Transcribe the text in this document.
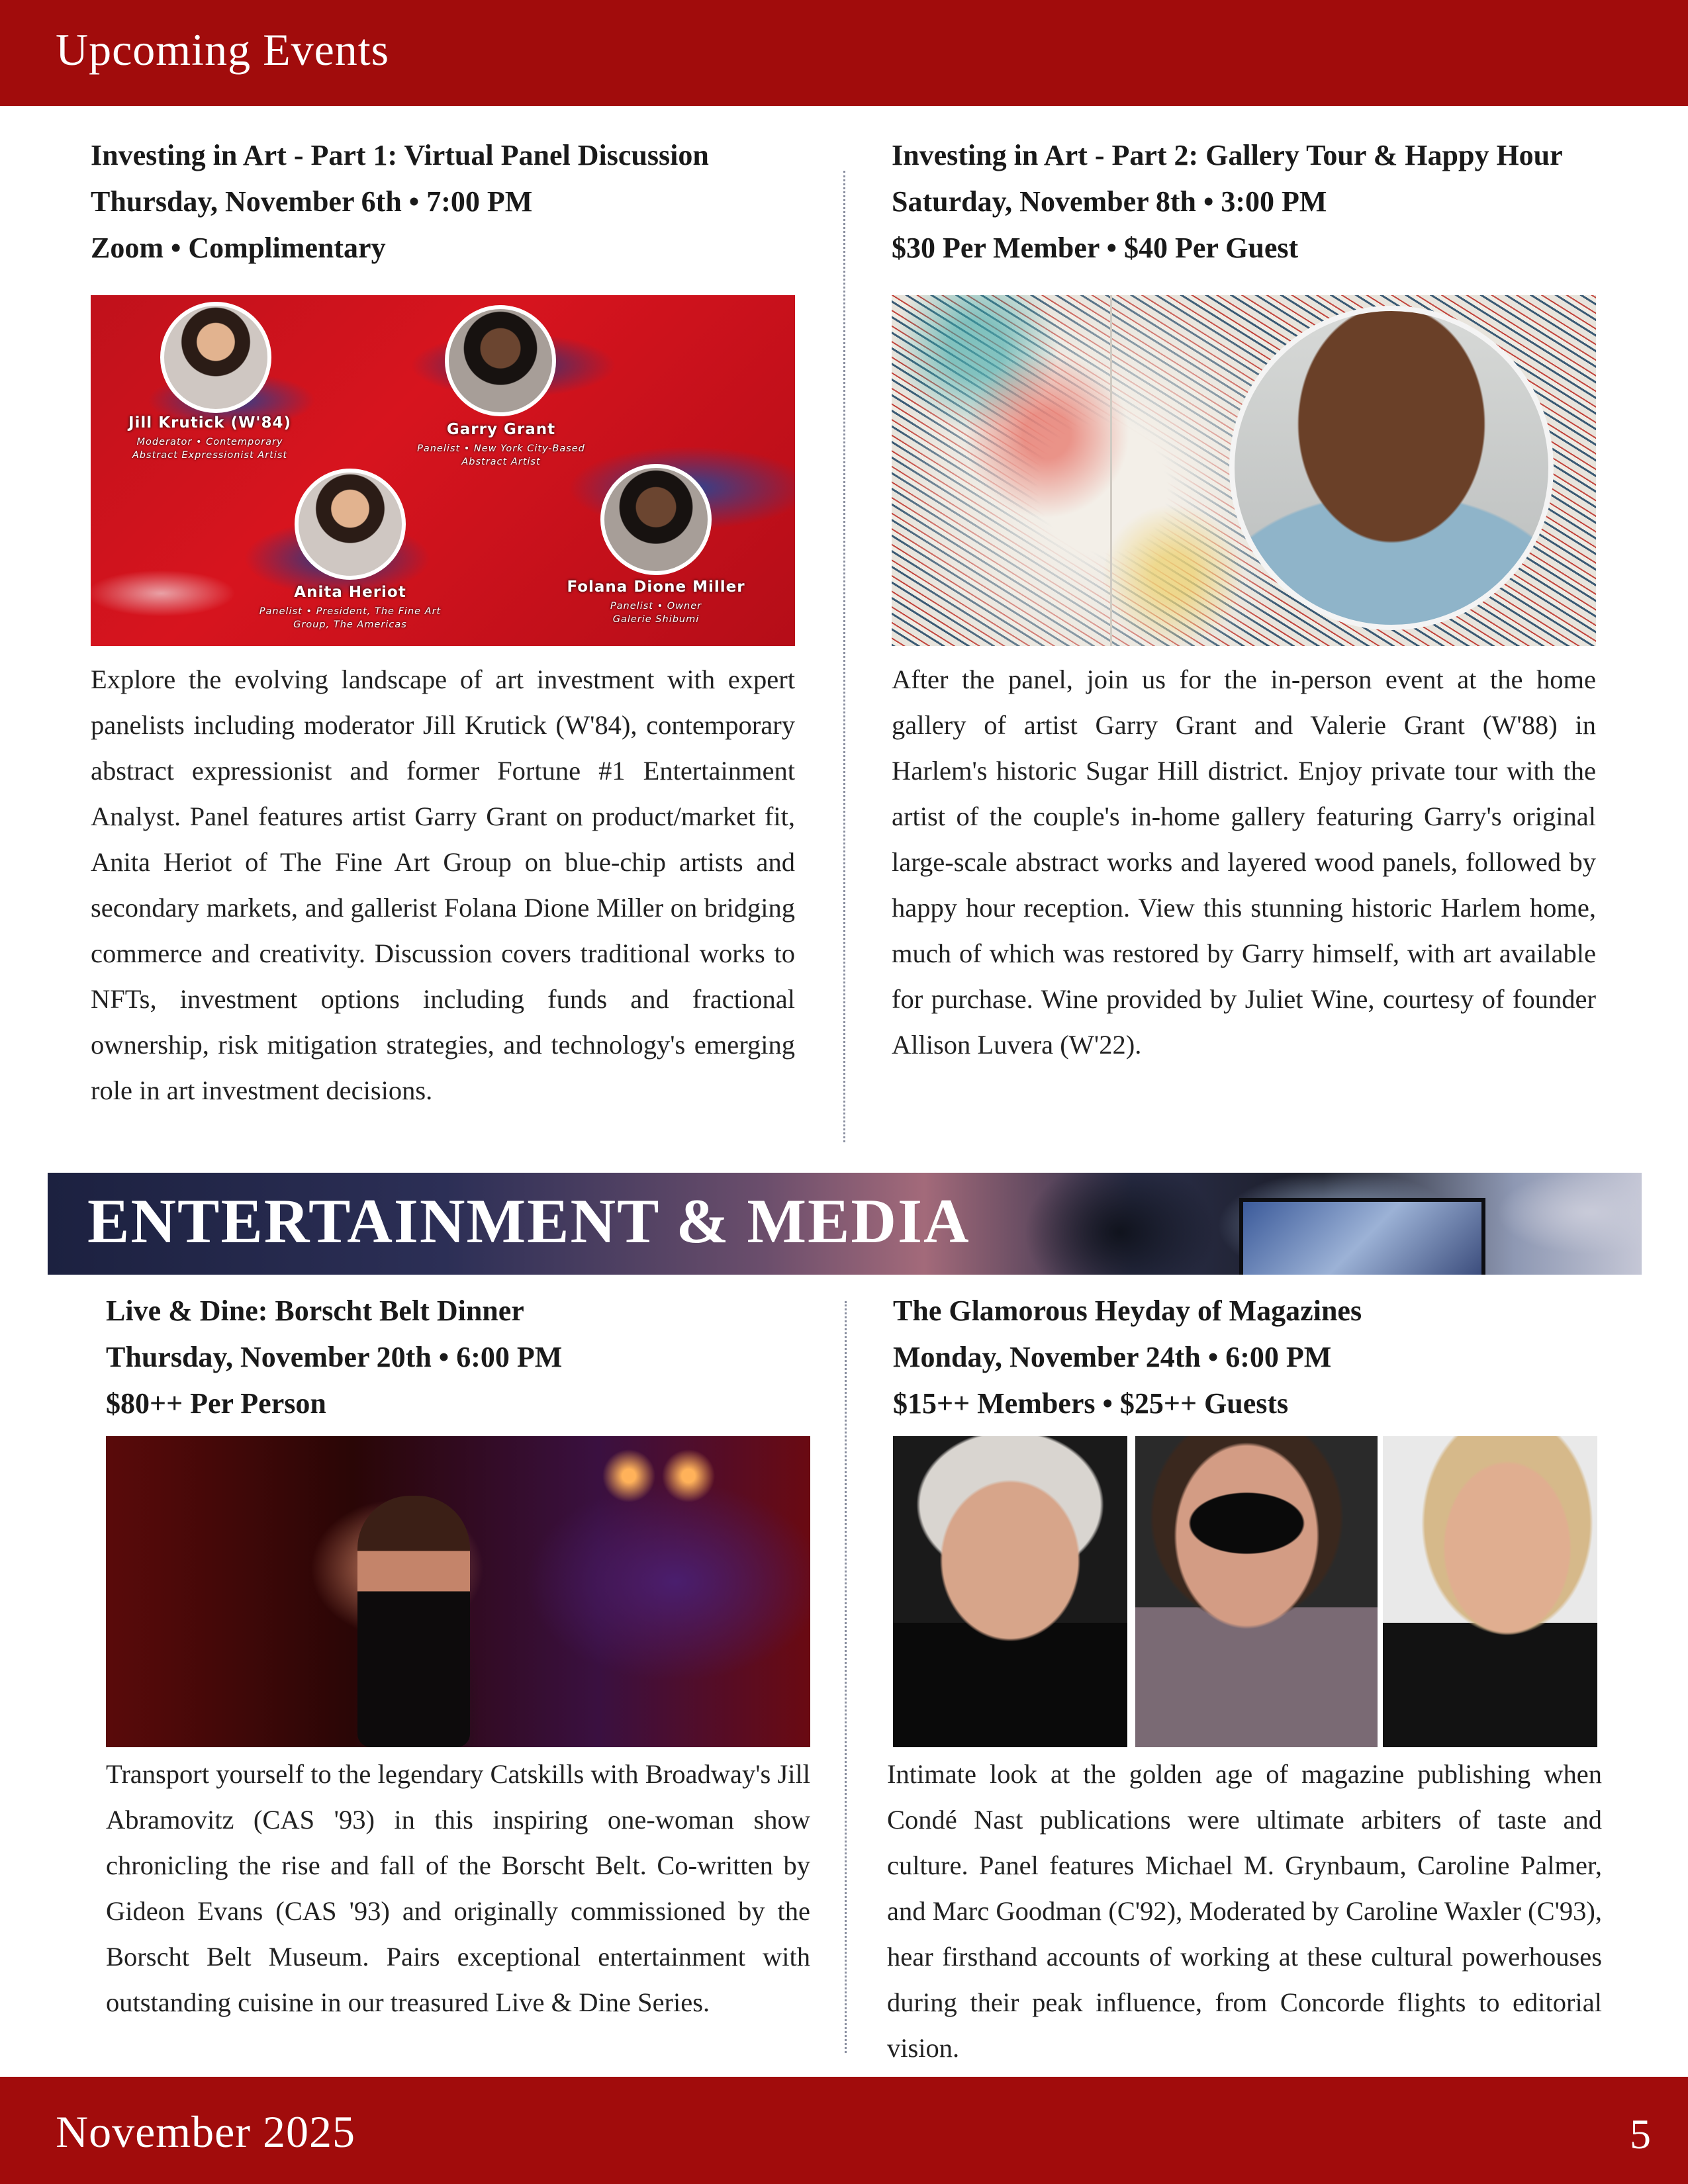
Upcoming Events
Investing in Art - Part 1: Virtual Panel Discussion
Thursday, November 6th • 7:00 PM
Zoom • Complimentary
Jill Krutick (W'84)
Moderator • Contemporary
Abstract Expressionist Artist
Garry Grant
Panelist • New York City-Based
Abstract Artist
Anita Heriot
Panelist • President, The Fine Art
Group, The Americas
Folana Dione Miller
Panelist • Owner
Galerie Shibumi
Explore the evolving landscape of art investment with expert panelists including moderator Jill Krutick (W'84), contemporary abstract expressionist and former Fortune #1 Entertainment Analyst. Panel features artist Garry Grant on product/market fit, Anita Heriot of The Fine Art Group on blue-chip artists and secondary markets, and gallerist Folana Dione Miller on bridging commerce and creativity. Discussion covers traditional works to NFTs, investment options including funds and fractional ownership, risk mitigation strategies, and technology's emerging role in art investment decisions.
Investing in Art - Part 2: Gallery Tour & Happy Hour
Saturday, November 8th • 3:00 PM
$30 Per Member • $40 Per Guest
After the panel, join us for the in-person event at the home gallery of artist Garry Grant and Valerie Grant (W'88) in Harlem's historic Sugar Hill district. Enjoy private tour with the artist of the couple's in-home gallery featuring Garry's original large-scale abstract works and layered wood panels, followed by happy hour reception. View this stunning historic Harlem home, much of which was restored by Garry himself, with art available for purchase. Wine provided by Juliet Wine, courtesy of founder Allison Luvera (W'22).
ENTERTAINMENT & MEDIA
Live & Dine: Borscht Belt Dinner
Thursday, November 20th • 6:00 PM
$80++ Per Person
Transport yourself to the legendary Catskills with Broadway's Jill Abramovitz (CAS '93) in this inspiring one-woman show chronicling the rise and fall of the Borscht Belt. Co-written by Gideon Evans (CAS '93) and originally commissioned by the Borscht Belt Museum. Pairs exceptional entertainment with outstanding cuisine in our treasured Live & Dine Series.
The Glamorous Heyday of Magazines
Monday, November 24th • 6:00 PM
$15++ Members • $25++ Guests
Intimate look at the golden age of magazine publishing when Condé Nast publications were ultimate arbiters of taste and culture. Panel features Michael M. Grynbaum, Caroline Palmer, and Marc Goodman (C'92), Moderated by Caroline Waxler (C'93), hear firsthand accounts of working at these cultural powerhouses during their peak influence, from Concorde flights to editorial vision.
November 2025	5
